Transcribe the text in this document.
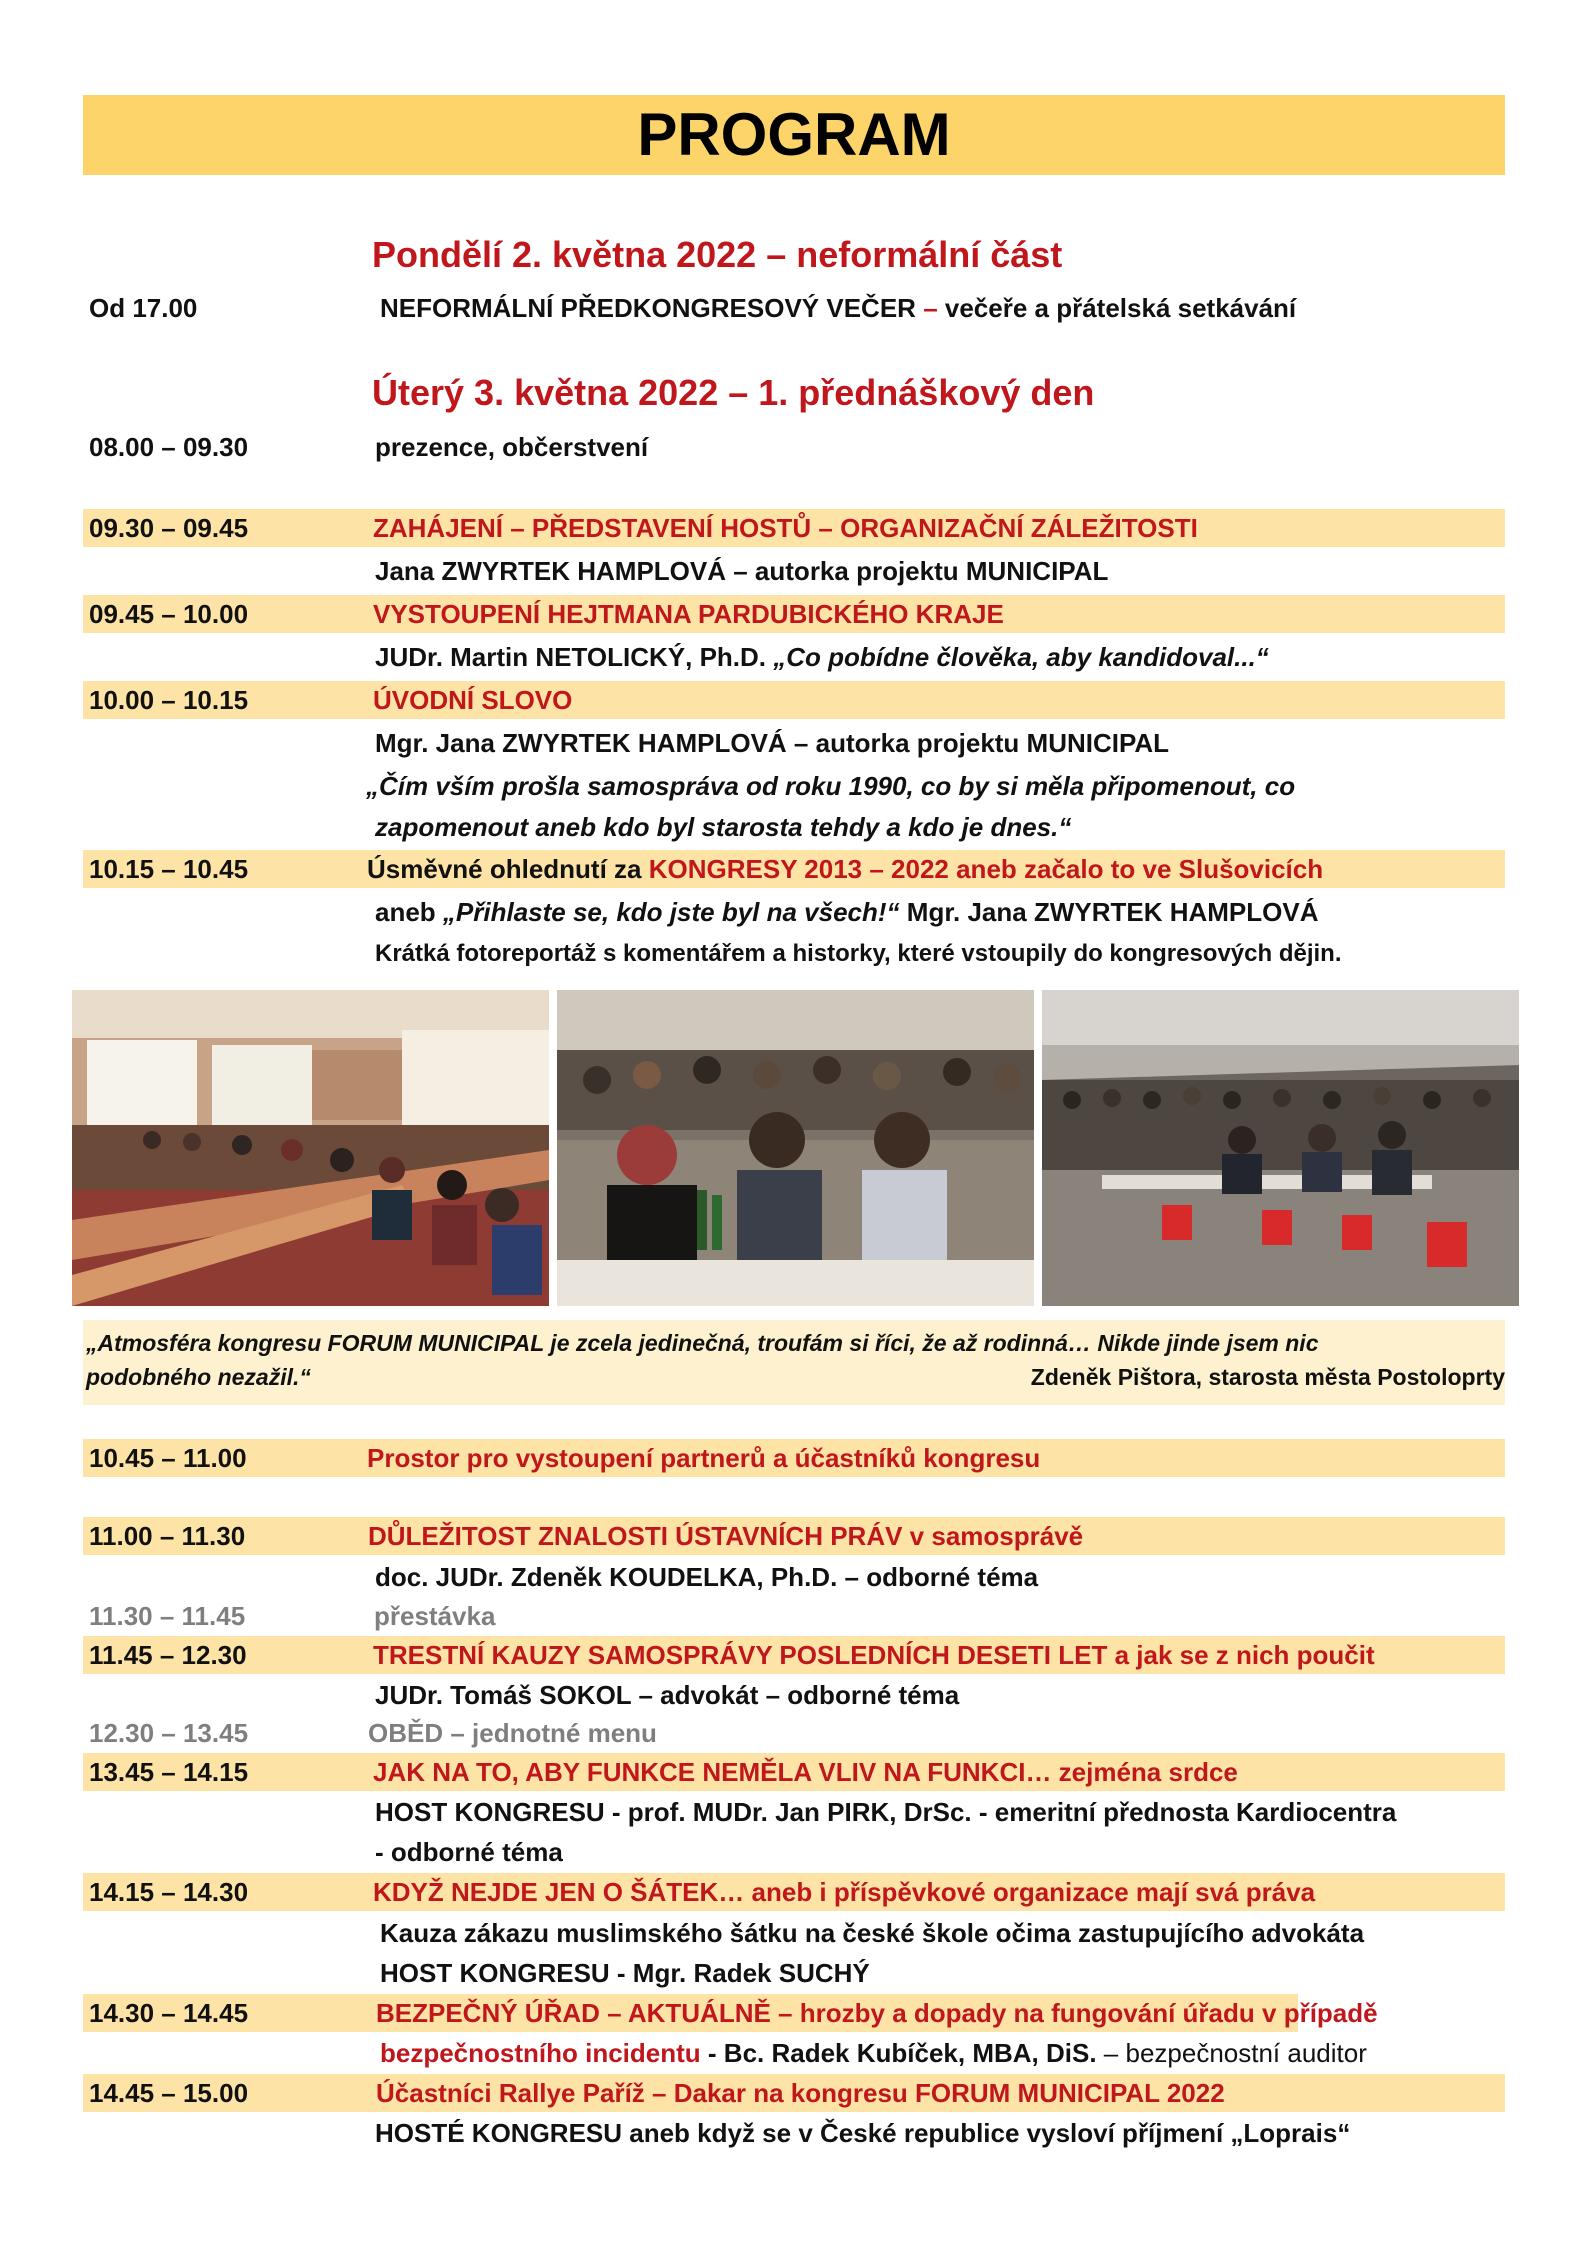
PROGRAM
Pondělí 2. května 2022 – neformální část
Od 17.00	NEFORMÁLNÍ PŘEDKONGRESOVÝ VEČER – večeře a přátelská setkávání
Úterý 3. května 2022 – 1. přednáškový den
08.00 – 09.30	prezence, občerstvení
09.30 – 09.45	ZAHÁJENÍ – PŘEDSTAVENÍ HOSTŮ – ORGANIZAČNÍ ZÁLEŽITOSTI
Jana ZWYRTEK HAMPLOVÁ – autorka projektu MUNICIPAL
09.45 – 10.00	VYSTOUPENÍ HEJTMANA PARDUBICKÉHO KRAJE
JUDr. Martin NETOLICKÝ, Ph.D. „Co pobídne člověka, aby kandidoval...“
10.00 – 10.15	ÚVODNÍ SLOVO
Mgr. Jana ZWYRTEK HAMPLOVÁ – autorka projektu MUNICIPAL
„Čím vším prošla samospráva od roku 1990, co by si měla připomenout, co
zapomenout aneb kdo byl starosta tehdy a kdo je dnes.“
10.15 – 10.45	Úsměvné ohlednutí za KONGRESY 2013 – 2022 aneb začalo to ve Slušovicích
aneb „Přihlaste se, kdo jste byl na všech!“ Mgr. Jana ZWYRTEK HAMPLOVÁ
Krátká fotoreportáž s komentářem a historky, které vstoupily do kongresových dějin.
„Atmosféra kongresu FORUM MUNICIPAL je zcela jedinečná, troufám si říci, že až rodinná… Nikde jinde jsem nic
podobného nezažil.“	Zdeněk Pištora, starosta města Postoloprty
10.45 – 11.00	Prostor pro vystoupení partnerů a účastníků kongresu
11.00 – 11.30	DŮLEŽITOST ZNALOSTI ÚSTAVNÍCH PRÁV v samosprávě
doc. JUDr. Zdeněk KOUDELKA, Ph.D. – odborné téma
11.30 – 11.45	přestávka
11.45 – 12.30	TRESTNÍ KAUZY SAMOSPRÁVY POSLEDNÍCH DESETI LET a jak se z nich poučit
JUDr. Tomáš SOKOL – advokát – odborné téma
12.30 – 13.45	OBĚD – jednotné menu
13.45 – 14.15	JAK NA TO, ABY FUNKCE NEMĚLA VLIV NA FUNKCI… zejména srdce
HOST KONGRESU - prof. MUDr. Jan PIRK, DrSc. - emeritní přednosta Kardiocentra
- odborné téma
14.15 – 14.30	KDYŽ NEJDE JEN O ŠÁTEK… aneb i příspěvkové organizace mají svá práva
Kauza zákazu muslimského šátku na české škole očima zastupujícího advokáta
HOST KONGRESU - Mgr. Radek SUCHÝ
14.30 – 14.45	BEZPEČNÝ ÚŘAD – AKTUÁLNĚ – hrozby a dopady na fungování úřadu v případě
bezpečnostního incidentu - Bc. Radek Kubíček, MBA, DiS. – bezpečnostní auditor
14.45 – 15.00	Účastníci Rallye Paříž – Dakar na kongresu FORUM MUNICIPAL 2022
HOSTÉ KONGRESU aneb když se v České republice vysloví příjmení „Loprais“
